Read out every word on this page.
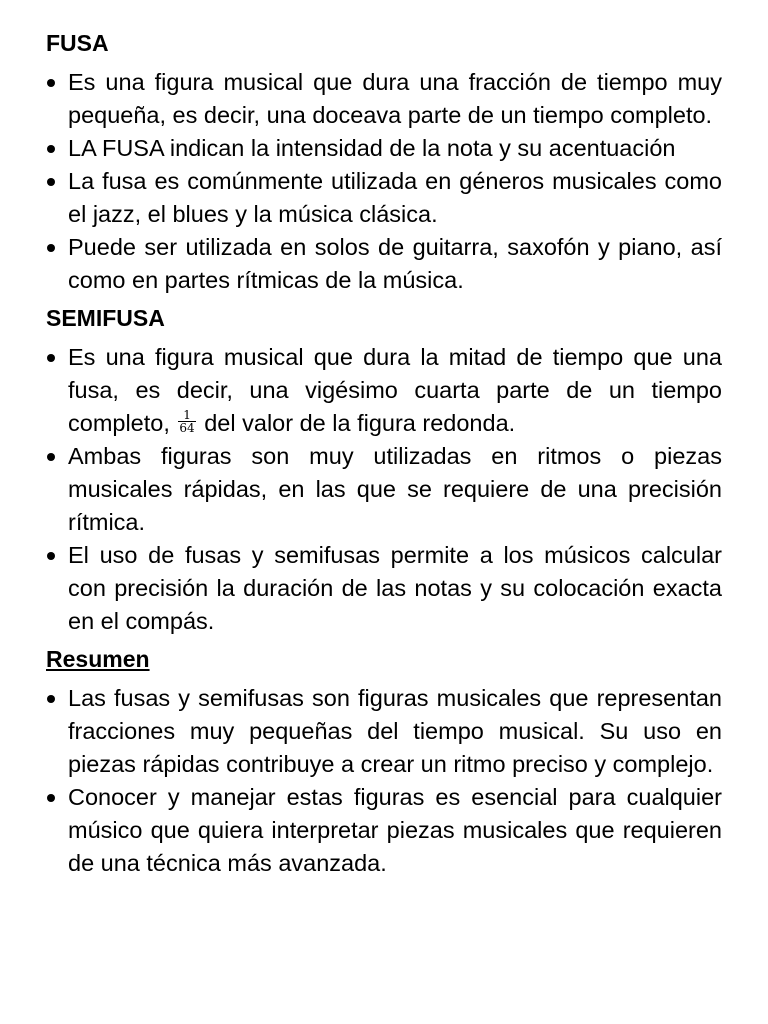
FUSA
Es una figura musical que dura una fracción de tiempo muy pequeña, es decir, una doceava parte de un tiempo completo.
LA FUSA indican la intensidad de la nota y su acentuación
La fusa es comúnmente utilizada en géneros musicales como el jazz, el blues y la música clásica.
Puede ser utilizada en solos de guitarra, saxofón y piano, así como en partes rítmicas de la música.
SEMIFUSA
Es una figura musical que dura la mitad de tiempo que una fusa, es decir, una vigésimo cuarta parte de un tiempo completo, $\frac{1}{64}$ del valor de la figura redonda.
Ambas figuras son muy utilizadas en ritmos o piezas musicales rápidas, en las que se requiere de una precisión rítmica.
El uso de fusas y semifusas permite a los músicos calcular con precisión la duración de las notas y su colocación exacta en el compás.
Resumen
Las fusas y semifusas son figuras musicales que representan fracciones muy pequeñas del tiempo musical. Su uso en piezas rápidas contribuye a crear un ritmo preciso y complejo.
Conocer y manejar estas figuras es esencial para cualquier músico que quiera interpretar piezas musicales que requieren de una técnica más avanzada.
